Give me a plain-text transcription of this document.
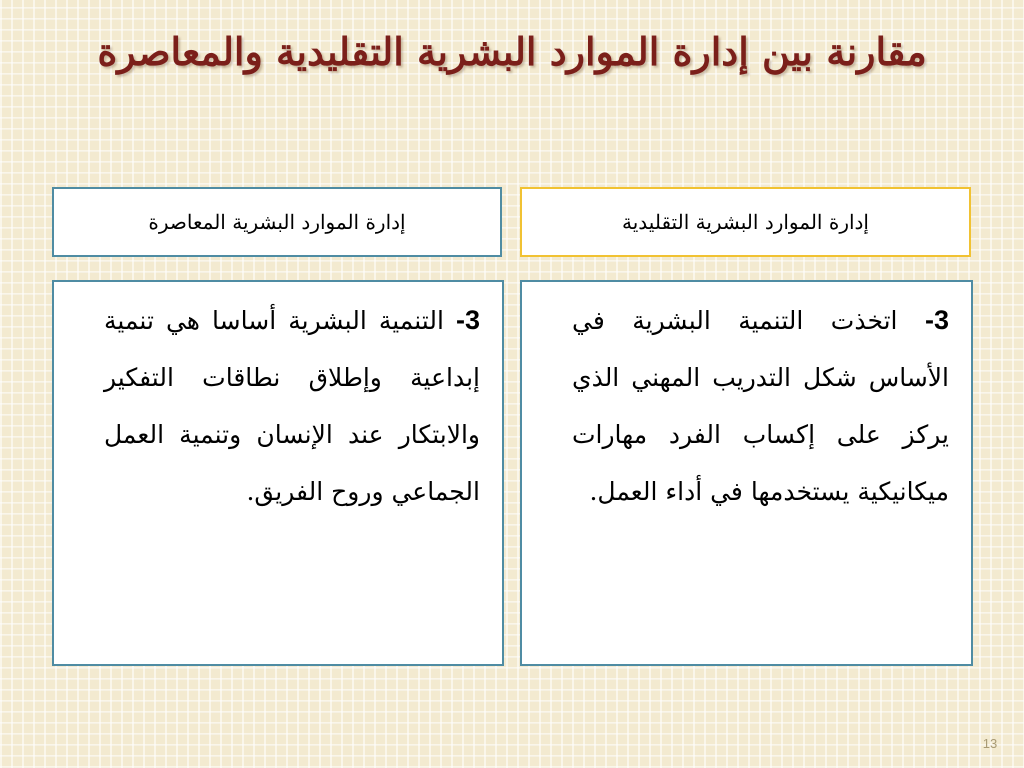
مقارنة بين إدارة الموارد البشرية التقليدية والمعاصرة
إدارة الموارد البشرية المعاصرة	إدارة الموارد البشرية التقليدية

3- التنمية البشرية أساسا هي تنمية إبداعية وإطلاق نطاقات التفكير والابتكار عند الإنسان وتنمية العمل الجماعي وروح الفريق.

3- اتخذت التنمية البشرية في الأساس شكل التدريب المهني الذي يركز على إكساب الفرد مهارات ميكانيكية يستخدمها في أداء العمل.

13
